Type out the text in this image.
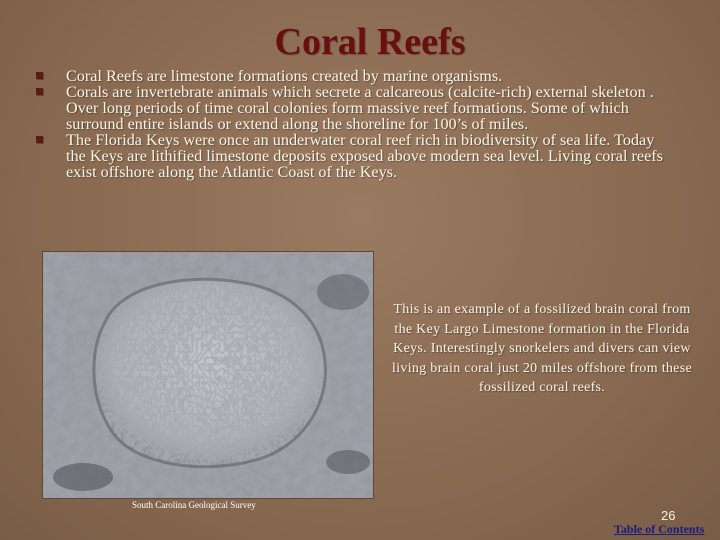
Coral Reefs
Coral Reefs are limestone formations created by marine organisms.
Corals are invertebrate animals which secrete a calcareous (calcite-rich) external skeleton . Over long periods of time coral colonies form massive reef formations. Some of which surround entire islands or extend along the shoreline for 100’s of miles.
The Florida Keys were once an underwater coral reef rich in biodiversity of sea life. Today the Keys are lithified limestone deposits exposed above modern sea level. Living coral reefs exist offshore along the Atlantic Coast of the Keys.
This is an example of a fossilized brain coral from the Key Largo Limestone formation in the Florida Keys. Interestingly snorkelers and divers can view living brain coral just 20 miles offshore from these fossilized coral reefs.
South Carolina Geological Survey
26
Table of Contents
